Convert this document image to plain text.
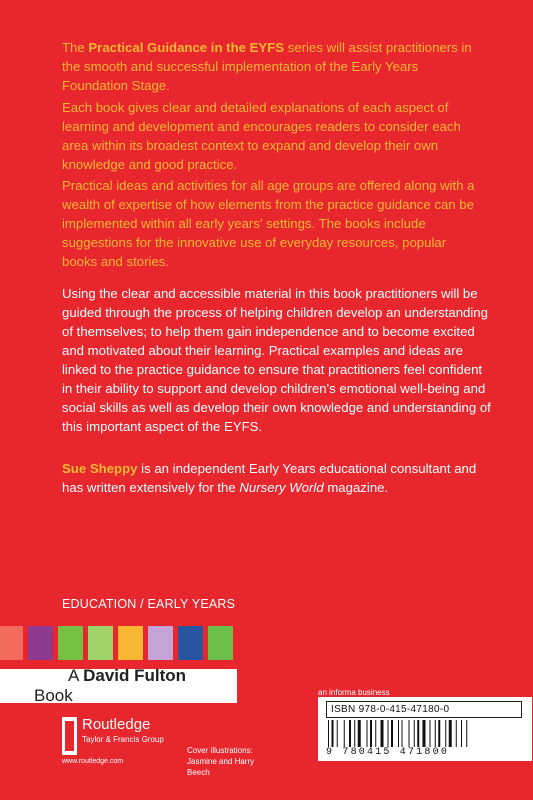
The Practical Guidance in the EYFS series will assist practitioners in the smooth and successful implementation of the Early Years Foundation Stage.

Each book gives clear and detailed explanations of each aspect of learning and development and encourages readers to consider each area within its broadest context to expand and develop their own knowledge and good practice.

Practical ideas and activities for all age groups are offered along with a wealth of expertise of how elements from the practice guidance can be implemented within all early years' settings. The books include suggestions for the innovative use of everyday resources, popular books and stories.

Using the clear and accessible material in this book practitioners will be guided through the process of helping children develop an understanding of themselves; to help them gain independence and to become excited and motivated about their learning. Practical examples and ideas are linked to the practice guidance to ensure that practitioners feel confident in their ability to support and develop children's emotional well-being and social skills as well as develop their own knowledge and understanding of this important aspect of the EYFS.

Sue Sheppy is an independent Early Years educational consultant and has written extensively for the Nursery World magazine.

EDUCATION / EARLY YEARS
A David Fulton Book
Routledge
Taylor & Francis Group
www.routledge.com
Cover illustrations: Jasmine and Harry Beech
an informa business
ISBN 978-0-415-47180-0
9 780415 471800
